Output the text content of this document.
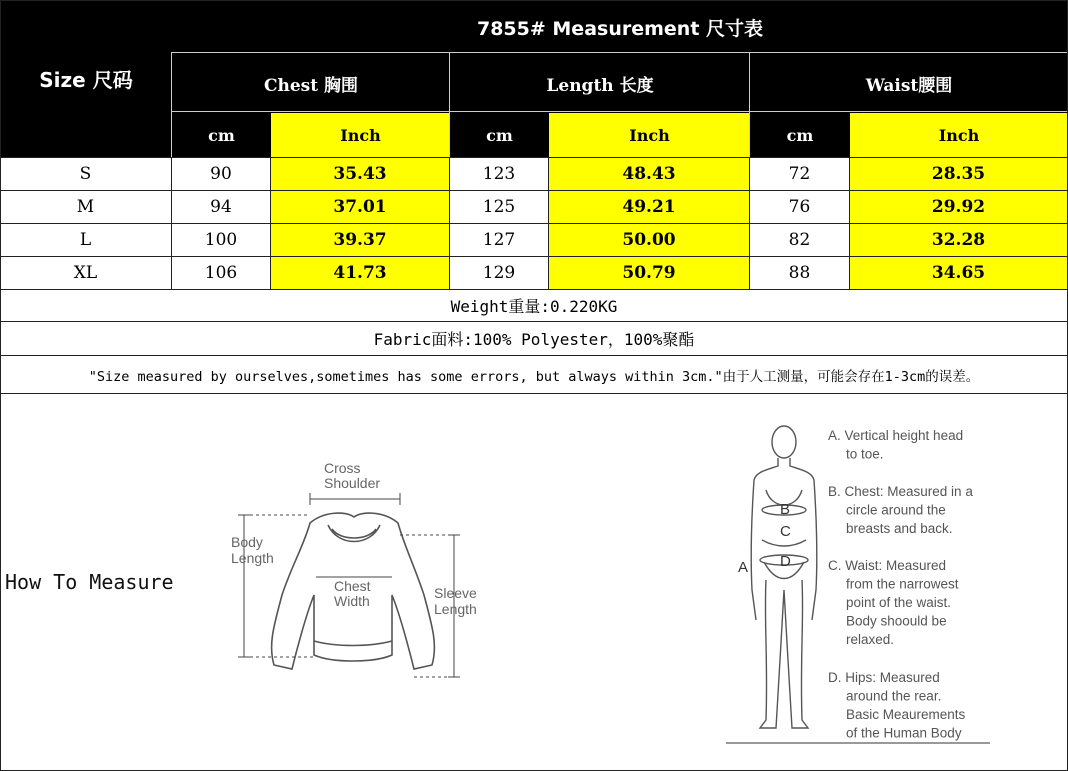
Size 尺码
7855# Measurement 尺寸表
Chest 胸围	Length 长度	Waist腰围
cm	Inch	cm	Inch	cm	Inch
S	90	35.43	123	48.43	72	28.35
M	94	37.01	125	49.21	76	29.92
L	100	39.37	127	50.00	82	32.28
XL	106	41.73	129	50.79	88	34.65
Weight重量:0.220KG
Fabric面料:100% Polyester，100%聚酯
"Size measured by ourselves,sometimes has some errors, but always within 3cm."由于人工测量，可能会存在1-3cm的误差。
How To Measure
Cross
Shoulder
Body
Length
Chest
Width	Sleeve
Length
A
B
C
D
A. Vertical height head
to toe.
B. Chest: Measured in a
circle around the
breasts and back.
C. Waist: Measured
from the narrowest
point of the waist.
Body shoould be
relaxed.
D. Hips: Measured
around the rear.
Basic Meaurements
of the Human Body
